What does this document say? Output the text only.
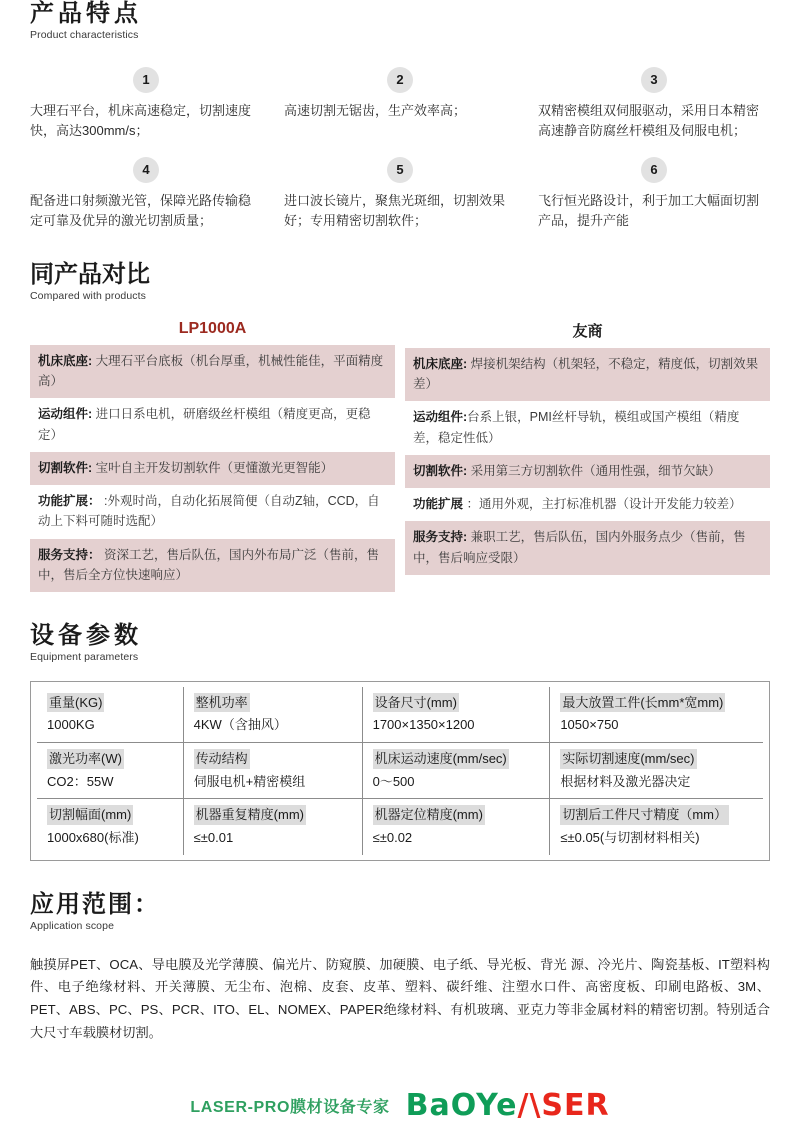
产品特点
Product characteristics
1
大理石平台，机床高速稳定，切割速度快，高达300mm/s；
2
高速切割无锯齿，生产效率高；
3
双精密模组双伺服驱动，采用日本精密高速静音防腐丝杆模组及伺服电机；
4
配备进口射频激光管，保障光路传输稳定可靠及优异的激光切割质量；
5
进口波长镜片，聚焦光斑细，切割效果好；专用精密切割软件；
6
飞行恒光路设计，利于加工大幅面切割产品，提升产能
同产品对比
Compared with products
LP1000A
机床底座: 大理石平台底板（机台厚重，机械性能佳，平面精度高）
运动组件: 进口日系电机，研磨级丝杆模组（精度更高，更稳定）
切割软件: 宝叶自主开发切割软件（更懂激光更智能）
功能扩展： :外观时尚，自动化拓展简便（自动Z轴，CCD，自动上下料可随时选配）
服务支持： 资深工艺，售后队伍，国内外布局广泛（售前，售中，售后全方位快速响应）
友商
机床底座: 焊接机架结构（机架轻，不稳定，精度低，切割效果差）
运动组件:台系上银，PMI丝杆导轨，模组或国产模组（精度差，稳定性低）
切割软件: 采用第三方切割软件（通用性强，细节欠缺）
功能扩展 ：通用外观，主打标准机器（设计开发能力较差）
服务支持: 兼职工艺，售后队伍，国内外服务点少（售前，售中，售后响应受限）
设备参数
Equipment parameters
重量(KG)
1000KG
整机功率
4KW（含抽风）
设备尺寸(mm)
1700×1350×1200
最大放置工件(长mm*宽mm)
1050×750
激光功率(W)
CO2：55W
传动结构
伺服电机+精密模组
机床运动速度(mm/sec)
0～500
实际切割速度(mm/sec)
根据材料及激光器决定
切割幅面(mm)
1000x680(标准)
机器重复精度(mm)
≤±0.01
机器定位精度(mm)
≤±0.02
切割后工件尺寸精度（mm）
≤±0.05(与切割材料相关)
应用范围：
Application scope
触摸屏PET、OCA、导电膜及光学薄膜、偏光片、防窥膜、加硬膜、电子纸、导光板、背光 源、冷光片、陶瓷基板、IT塑料构件、电子绝缘材料、开关薄膜、无尘布、泡棉、皮套、皮革、塑料、碳纤维、注塑水口件、高密度板、印刷电路板、3M、PET、ABS、PC、PS、PCR、ITO、EL、NOMEX、PAPER绝缘材料、有机玻璃、亚克力等非金属材料的精密切割。特别适合大尺寸车载膜材切割。
LASER-PRO膜材设备专家 BaOYe /\SER
